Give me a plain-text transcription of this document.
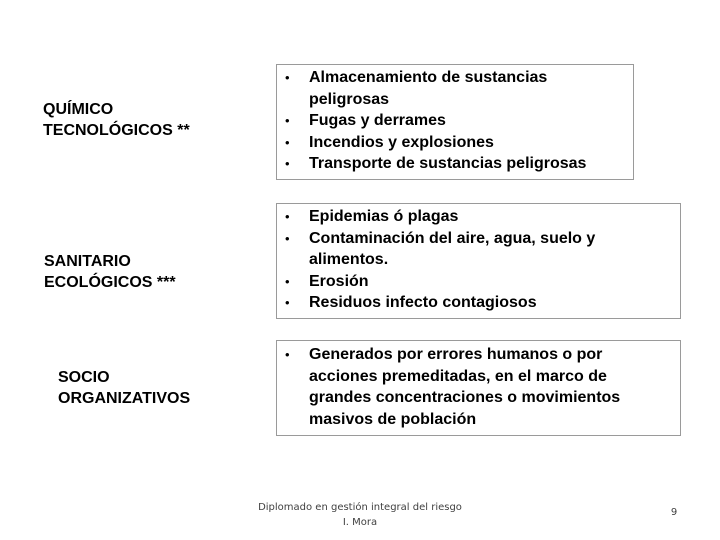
QUÍMICO
TECNOLÓGICOS **
SANITARIO
ECOLÓGICOS ***
SOCIO
ORGANIZATIVOS
•	Almacenamiento de sustancias
peligrosas
•	Fugas y derrames
•	Incendios y explosiones
•	Transporte de sustancias peligrosas
•	Epidemias ó plagas
•	Contaminación del aire, agua, suelo y
alimentos.
•	Erosión
•	Residuos infecto contagiosos
•	Generados por errores humanos o por
acciones premeditadas, en el marco de
grandes concentraciones o movimientos
masivos de población
Diplomado en gestión integral del riesgo
I. Mora
9
